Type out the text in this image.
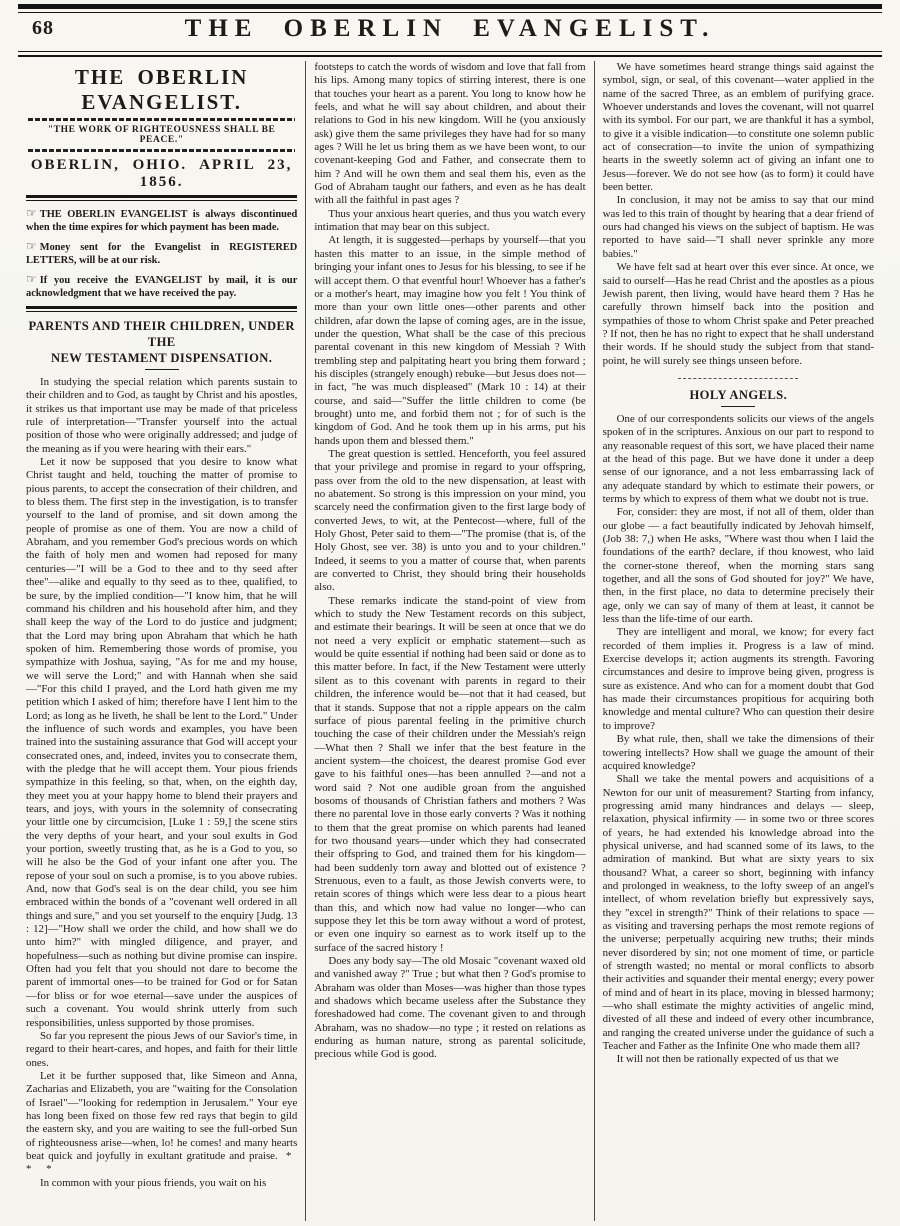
68	THE OBERLIN EVANGELIST.
THE OBERLIN EVANGELIST.
"THE WORK OF RIGHTEOUSNESS SHALL BE PEACE."
OBERLIN, OHIO. APRIL 23, 1856.

☞ THE OBERLIN EVANGELIST is always discontinued when the time expires for which payment has been made.

☞ Money sent for the Evangelist in REGISTERED LETTERS, will be at our risk.

☞ If you receive the EVANGELIST by mail, it is our acknowledgment that we have received the pay.

PARENTS AND THEIR CHILDREN, UNDER THE
NEW TESTAMENT DISPENSATION.

In studying the special relation which parents sustain to their children and to God, as taught by Christ and his apostles, it strikes us that important use may be made of that priceless rule of interpretation—"Transfer yourself into the actual position of those who were originally addressed; and judge of the meaning as if you were hearing with their ears."

Let it now be supposed that you desire to know what Christ taught and held, touching the matter of promise to pious parents, to accept the consecration of their children, and to bless them. The first step in the investigation, is to transfer yourself to the land of promise, and sit down among the people of promise as one of them. You are now a child of Abraham, and you remember God's precious words on which the faith of holy men and women had reposed for many centuries—"I will be a God to thee and to thy seed after thee"—alike and equally to thy seed as to thee, qualified, to be sure, by the implied condition—"I know him, that he will command his children and his household after him, and they shall keep the way of the Lord to do justice and judgment; that the Lord may bring upon Abraham that which he hath spoken of him. Remembering those words of promise, you sympathize with Joshua, saying, "As for me and my house, we will serve the Lord;" and with Hannah when she said—"For this child I prayed, and the Lord hath given me my petition which I asked of him; therefore have I lent him to the Lord; as long as he liveth, he shall be lent to the Lord." Under the influence of such words and examples, you have been trained into the sustaining assurance that God will accept your consecrated ones, and, indeed, invites you to consecrate them, with the pledge that he will accept them. Your pious friends sympathize in this feeling, so that, when, on the eighth day, they meet you at your happy home to blend their prayers and tears, and joys, with yours in the solemnity of consecrating your little one by circumcision, [Luke 1 : 59,] the scene stirs the very depths of your heart, and your soul exults in God your portion, sweetly trusting that, as he is a God to you, so will he also be the God of your infant one after you. The repose of your soul on such a promise, is to you above rubies. And, now that God's seal is on the dear child, you see him embraced within the bonds of a "covenant well ordered in all things and sure," and you set yourself to the enquiry [Judg. 13 : 12]—"How shall we order the child, and how shall we do unto him?" with mingled diligence, and prayer, and hopefulness—such as nothing but divine promise can inspire. Often had you felt that you should not dare to become the parent of immortal ones—to be trained for God or for Satan—for bliss or for woe eternal—save under the auspices of such a covenant. You would shrink utterly from such responsibilities, unless supported by those promises.

So far you represent the pious Jews of our Savior's time, in regard to their heart-cares, and hopes, and faith for their little ones.

Let it be further supposed that, like Simeon and Anna, Zacharias and Elizabeth, you are "waiting for the Consolation of Israel"—"looking for redemption in Jerusalem." Your eye has long been fixed on those few red rays that begin to gild the eastern sky, and you are waiting to see the full-orbed Sun of righteousness arise—when, lo! he comes! and many hearts beat quick and joyfully in exultant gratitude and praise. * * *

In common with your pious friends, you wait on his

footsteps to catch the words of wisdom and love that fall from his lips. Among many topics of stirring interest, there is one that touches your heart as a parent. You long to know how he feels, and what he will say about children, and about their relations to God in his new kingdom. Will he (you anxiously ask) give them the same privileges they have had for so many ages ? Will he let us bring them as we have been wont, to our covenant-keeping God and Father, and consecrate them to him ? And will he own them and seal them his, even as the God of Abraham taught our fathers, and even as he has dealt with all the faithful in past ages ?

Thus your anxious heart queries, and thus you watch every intimation that may bear on this subject.

At length, it is suggested—perhaps by yourself—that you hasten this matter to an issue, in the simple method of bringing your infant ones to Jesus for his blessing, to see if he will accept them. O that eventful hour! Whoever has a father's or a mother's heart, may imagine how you felt ! You think of more than your own little ones—other parents and other children, afar down the lapse of coming ages, are in the issue, under the question, What shall be the case of this precious parental covenant in this new kingdom of Messiah ? With trembling step and palpitating heart you bring them forward ; his disciples (strangely enough) rebuke—but Jesus does not—in fact, "he was much displeased" (Mark 10 : 14) at their course, and said—"Suffer the little children to come (be brought) unto me, and forbid them not ; for of such is the kingdom of God. And he took them up in his arms, put his hands upon them and blessed them."

The great question is settled. Henceforth, you feel assured that your privilege and promise in regard to your offspring, pass over from the old to the new dispensation, at least with no abatement. So strong is this impression on your mind, you scarcely need the confirmation given to the first large body of converted Jews, to wit, at the Pentecost—where, full of the Holy Ghost, Peter said to them—"The promise (that is, of the Holy Ghost, see ver. 38) is unto you and to your children." Indeed, it seems to you a matter of course that, when parents are converted to Christ, they should bring their households also.

These remarks indicate the stand-point of view from which to study the New Testament records on this subject, and estimate their bearings. It will be seen at once that we do not need a very explicit or emphatic statement—such as would be quite essential if nothing had been said or done as to this matter before. In fact, if the New Testament were utterly silent as to this covenant with parents in regard to their children, the inference would be—not that it had ceased, but that it stands. Suppose that not a ripple appears on the calm surface of pious parental feeling in the primitive church touching the case of their children under the Messiah's reign—What then ? Shall we infer that the best feature in the ancient system—the choicest, the dearest promise God ever gave to his faithful ones—has been annulled ?—and not a word said ? Not one audible groan from the anguished bosoms of thousands of Christian fathers and mothers ? Was there no parental love in those early converts ? Was it nothing to them that the great promise on which parents had leaned for two thousand years—under which they had consecrated their offspring to God, and trained them for his kingdom—had been suddenly torn away and blotted out of existence ? Strenuous, even to a fault, as those Jewish converts were, to retain scores of things which were less dear to a pious heart than this, and which now had value no longer—who can suppose they let this be torn away without a word of protest, or even one inquiry so earnest as to work itself up to the surface of the sacred history !

Does any body say—The old Mosaic "covenant waxed old and vanished away ?" True ; but what then ? God's promise to Abraham was older than Moses—was higher than those types and shadows which became useless after the Substance they foreshadowed had come. The covenant given to and through Abraham, was no shadow—no type ; it rested on relations as enduring as human nature, strong as parental solicitude, precious while God is good.

We have sometimes heard strange things said against the symbol, sign, or seal, of this covenant—water applied in the name of the sacred Three, as an emblem of purifying grace. Whoever understands and loves the covenant, will not quarrel with its symbol. For our part, we are thankful it has a symbol, to give it a visible indication—to constitute one solemn public act of consecration—to invite the union of sympathizing hearts in the sweetly solemn act of giving an infant one to Jesus—forever. We do not see how (as to form) it could have been better.

In conclusion, it may not be amiss to say that our mind was led to this train of thought by hearing that a dear friend of ours had changed his views on the subject of baptism. He was reported to have said—"I shall never sprinkle any more babies."

We have felt sad at heart over this ever since. At once, we said to ourself—Has he read Christ and the apostles as a pious Jewish parent, then living, would have heard them ? Has he carefully thrown himself back into the position and sympathies of those to whom Christ spake and Peter preached ? If not, then he has no right to expect that he shall understand their words. If he should study the subject from that stand-point, he will surely see things unseen before.

HOLY ANGELS.

One of our correspondents solicits our views of the angels spoken of in the scriptures. Anxious on our part to respond to any reasonable request of this sort, we have placed their name at the head of this page. But we have done it under a deep sense of our ignorance, and a not less embarrassing lack of any adequate standard by which to estimate their powers, or terms by which to express of them what we doubt not is true.

For, consider: they are most, if not all of them, older than our globe — a fact beautifully indicated by Jehovah himself, (Job 38: 7,) when He asks, "Where wast thou when I laid the foundations of the earth? declare, if thou knowest, who laid the corner-stone thereof, when the morning stars sang together, and all the sons of God shouted for joy?" We have, then, in the first place, no data to determine precisely their age, only we can say of many of them at least, it cannot be less than the life-time of our earth.

They are intelligent and moral, we know; for every fact recorded of them implies it. Progress is a law of mind. Exercise develops it; action augments its strength. Favoring circumstances and desire to improve being given, progress is sure as existence. And who can for a moment doubt that God has made their circumstances propitious for acquiring both knowledge and mental culture? Who can question their desire to improve?

By what rule, then, shall we take the dimensions of their towering intellects? How shall we guage the amount of their acquired knowledge?

Shall we take the mental powers and acquisitions of a Newton for our unit of measurement? Starting from infancy, progressing amid many hindrances and delays — sleep, relaxation, physical infirmity — in some two or three scores of years, he had extended his knowledge abroad into the physical universe, and had scanned some of its laws, to the admiration of mankind. But what are sixty years to six thousand? What, a career so short, beginning with infancy and prolonged in weakness, to the lofty sweep of an angel's intellect, of whom revelation briefly but expressively says, they "excel in strength?" Think of their relations to space — as visiting and traversing perhaps the most remote regions of the universe; perpetually acquiring new truths; their minds never disordered by sin; not one moment of time, or particle of strength wasted; no mental or moral conflicts to absorb their activities and squander their mental energy; every power of mind and of heart in its place, moving in blessed harmony;—who shall estimate the mighty activities of angelic mind, divested of all these and indeed of every other incumbrance, and ranging the created universe under the guidance of such a Teacher and Father as the Infinite One who made them all?

It will not then be rationally expected of us that we
